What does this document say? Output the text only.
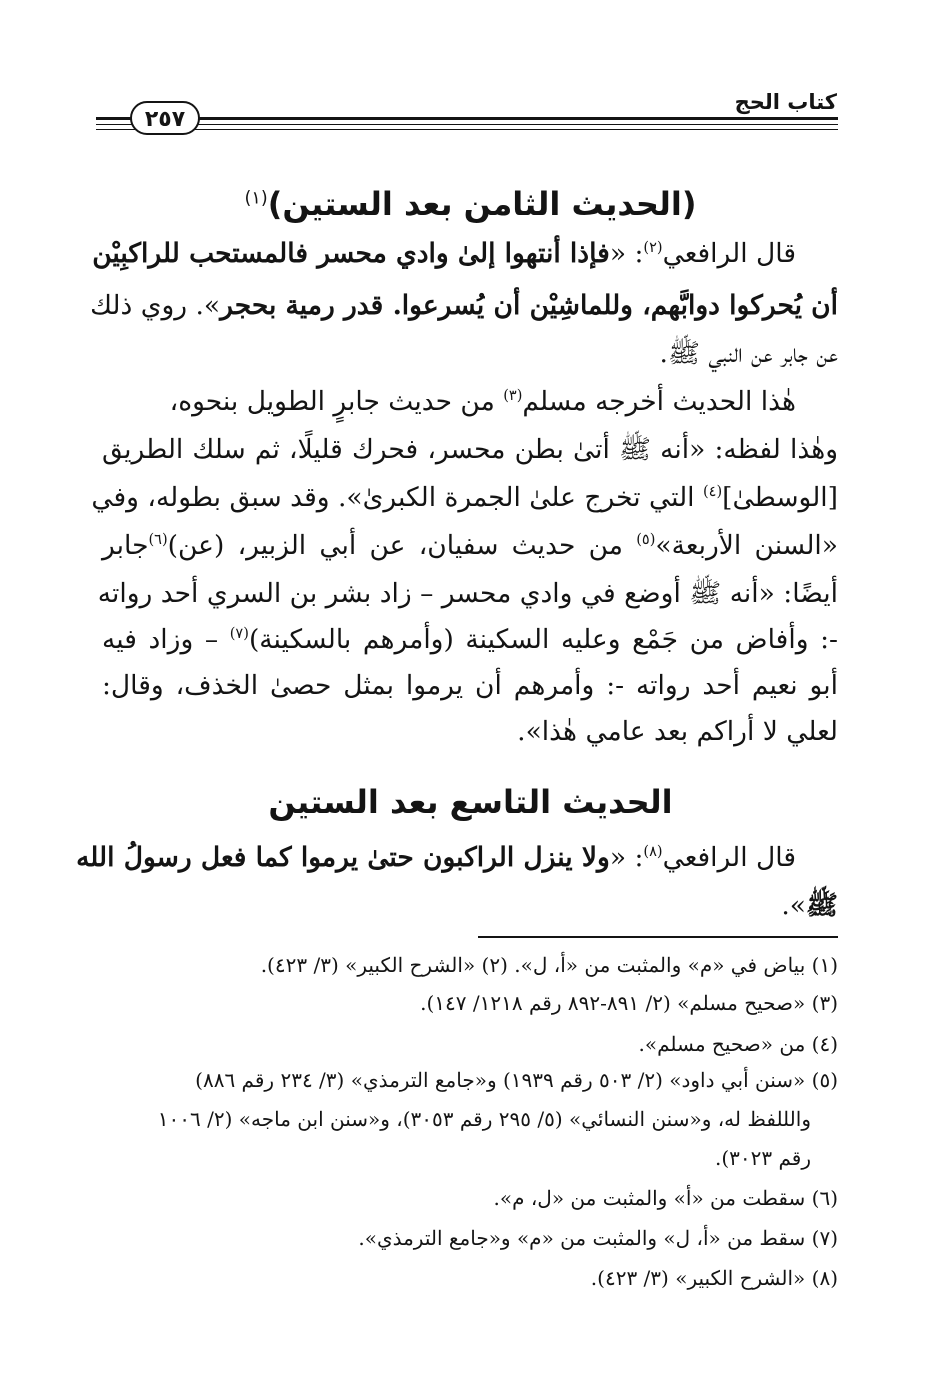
كتاب الحج
٢٥٧
(الحديث الثامن بعد الستين)$^{(١)}$
قال الرافعي$^{(٢)}$: «فإذا أنتهوا إلىٰ وادي محسر فالمستحب للراكبِيْن
أن يُحركوا دوابَّهم، وللماشِيْن أن يُسرعوا. قدر رمية بحجر». روي ذلك
عن جابر عن النبي ﷺ.
هٰذا الحديث أخرجه مسلم$^{(٣)}$ من حديث جابرٍ الطويل بنحوه،
وهٰذا لفظه: «أنه ﷺ أتىٰ بطن محسر، فحرك قليلًا، ثم سلك الطريق
[الوسطىٰ]$^{(٤)}$ التي تخرج علىٰ الجمرة الكبرىٰ». وقد سبق بطوله، وفي
«السنن الأربعة»$^{(٥)}$ من حديث سفيان، عن أبي الزبير، (عن)$^{(٦)}$جابر
أيضًا: «أنه ﷺ أوضع في وادي محسر – زاد بشر بن السري أحد رواته
-: وأفاض من جَمْع وعليه السكينة (وأمرهم بالسكينة)$^{(٧)}$ – وزاد فيه
أبو نعيم أحد رواته -: وأمرهم أن يرموا بمثل حصىٰ الخذف، وقال:
لعلي لا أراكم بعد عامي هٰذا».
الحديث التاسع بعد الستين
قال الرافعي$^{(٨)}$: «ولا ينزل الراكبون حتىٰ يرموا كما فعل رسولُ الله
ﷺ».
(١) بياض في «م» والمثبت من «أ، ل». (٢) «الشرح الكبير» (٣/ ٤٢٣).
(٣) «صحيح مسلم» (٢/ ٨٩١-٨٩٢ رقم ١٢١٨/ ١٤٧).
(٤) من «صحيح مسلم».
(٥) «سنن أبي داود» (٢/ ٥٠٣ رقم ١٩٣٩) و«جامع الترمذي» (٣/ ٢٣٤ رقم ٨٨٦)
والللفظ له، و«سنن النسائي» (٥/ ٢٩٥ رقم ٣٠٥٣)، و«سنن ابن ماجه» (٢/ ١٠٠٦
رقم ٣٠٢٣).
(٦) سقطت من «أ» والمثبت من «ل، م».
(٧) سقط من «أ، ل» والمثبت من «م» و«جامع الترمذي».
(٨) «الشرح الكبير» (٣/ ٤٢٣).
